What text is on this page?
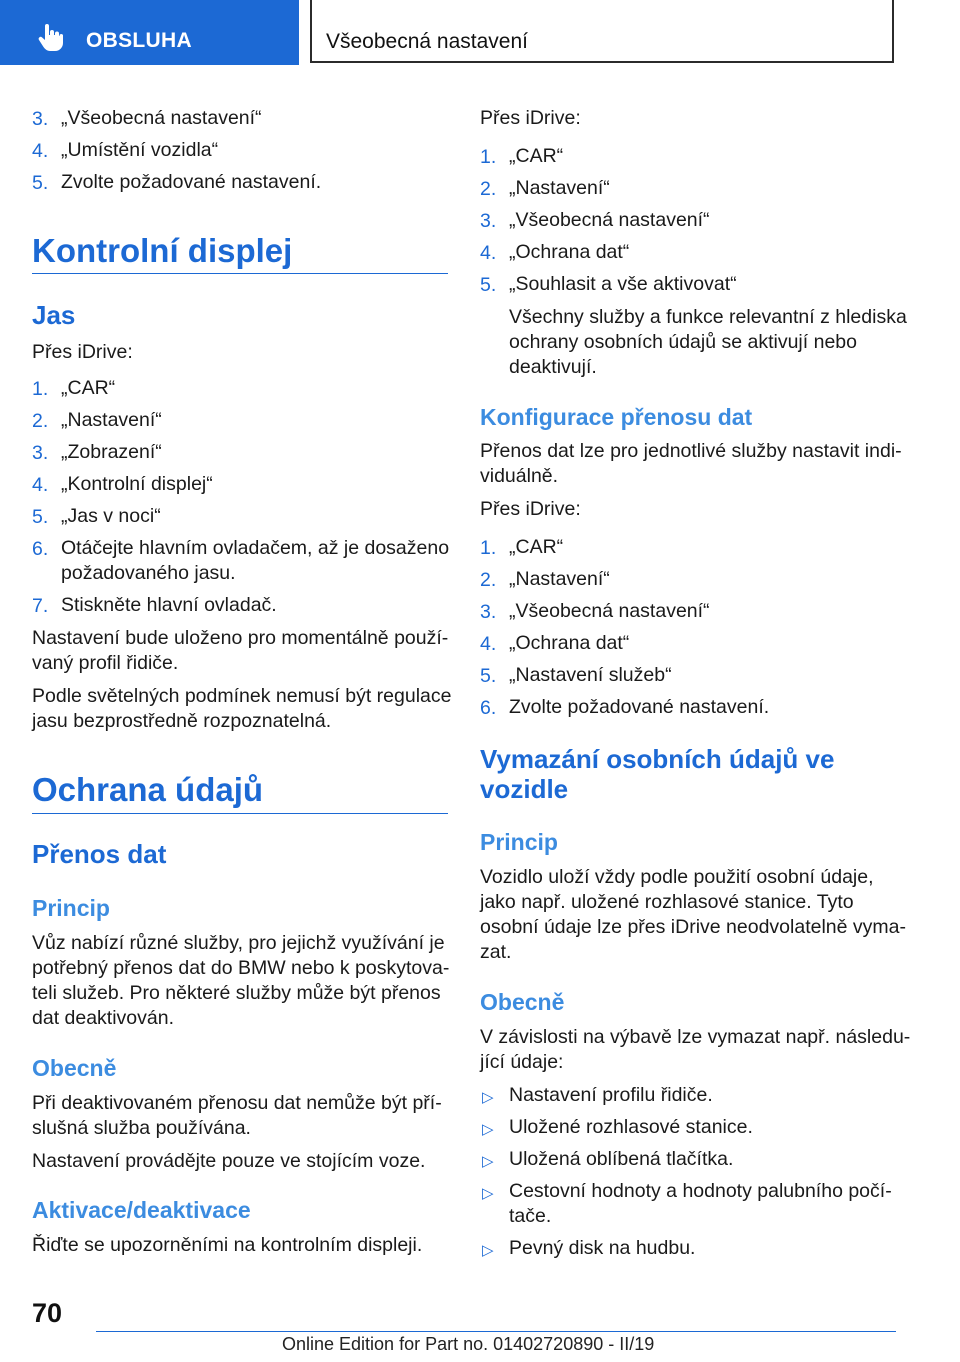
OBSLUHA	Všeobecná nastavení
3. „Všeobecná nastavení“
4. „Umístění vozidla“
5. Zvolte požadované nastavení.
Kontrolní displej
Jas
Přes iDrive:
1. „CAR“
2. „Nastavení“
3. „Zobrazení“
4. „Kontrolní displej“
5. „Jas v noci“
6. Otáčejte hlavním ovladačem, až je dosaženo
požadovaného jasu.
7. Stiskněte hlavní ovladač.
Nastavení bude uloženo pro momentálně použí-
vaný profil řidiče.
Podle světelných podmínek nemusí být regulace
jasu bezprostředně rozpoznatelná.
Ochrana údajů
Přenos dat
Princip
Vůz nabízí různé služby, pro jejichž využívání je
potřebný přenos dat do BMW nebo k poskytova-
teli služeb. Pro některé služby může být přenos
dat deaktivován.
Obecně
Při deaktivovaném přenosu dat nemůže být pří-
slušná služba používána.
Nastavení provádějte pouze ve stojícím voze.
Aktivace/deaktivace
Řiďte se upozorněními na kontrolním displeji.
Přes iDrive:
1. „CAR“
2. „Nastavení“
3. „Všeobecná nastavení“
4. „Ochrana dat“
5. „Souhlasit a vše aktivovat“
Všechny služby a funkce relevantní z hlediska
ochrany osobních údajů se aktivují nebo
deaktivují.
Konfigurace přenosu dat
Přenos dat lze pro jednotlivé služby nastavit indi-
viduálně.
Přes iDrive:
1. „CAR“
2. „Nastavení“
3. „Všeobecná nastavení“
4. „Ochrana dat“
5. „Nastavení služeb“
6. Zvolte požadované nastavení.
Vymazání osobních údajů ve
vozidle
Princip
Vozidlo uloží vždy podle použití osobní údaje,
jako např. uložené rozhlasové stanice. Tyto
osobní údaje lze přes iDrive neodvolatelně vyma-
zat.
Obecně
V závislosti na výbavě lze vymazat např. následu-
jící údaje:
▷ Nastavení profilu řidiče.
▷ Uložené rozhlasové stanice.
▷ Uložená oblíbená tlačítka.
▷ Cestovní hodnoty a hodnoty palubního počí-
tače.
▷ Pevný disk na hudbu.
70
Online Edition for Part no. 01402720890 - II/19
